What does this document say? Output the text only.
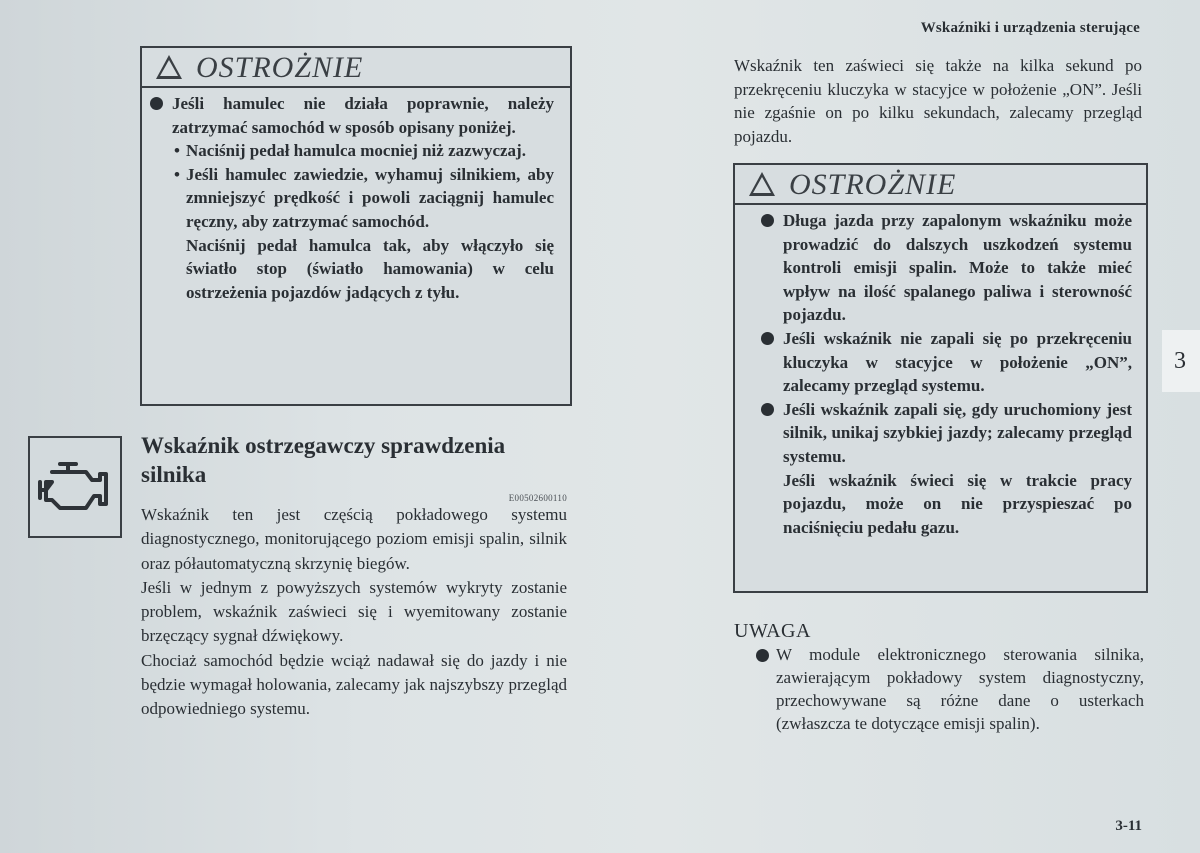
Wskaźniki i urządzenia sterujące
!OSTROŻNIE
Jeśli hamulec nie działa poprawnie, należy zatrzymać samochód w sposób opisany poniżej.
• Naciśnij pedał hamulca mocniej niż zazwyczaj.
• Jeśli hamulec zawiedzie, wyhamuj silnikiem, aby zmniejszyć prędkość i powoli zaciągnij hamulec ręczny, aby zatrzymać samochód.
Naciśnij pedał hamulca tak, aby włączyło się światło stop (światło hamowania) w celu ostrzeżenia pojazdów jadących z tyłu.
Wskaźnik ostrzegawczy sprawdzenia silnika
E00502600110
Wskaźnik ten jest częścią pokładowego systemu diagnostycznego, monitorującego poziom emisji spalin, silnik oraz półautomatyczną skrzynię biegów.
Jeśli w jednym z powyższych systemów wykryty zostanie problem, wskaźnik zaświeci się i wyemitowany zostanie brzęczący sygnał dźwiękowy.
Chociaż samochód będzie wciąż nadawał się do jazdy i nie będzie wymagał holowania, zalecamy jak najszybszy przegląd odpowiedniego systemu.
Wskaźnik ten zaświeci się także na kilka sekund po przekręceniu kluczyka w stacyjce w położenie „ON”. Jeśli nie zgaśnie on po kilku sekundach, zalecamy przegląd pojazdu.
!OSTROŻNIE
Długa jazda przy zapalonym wskaźniku może prowadzić do dalszych uszkodzeń systemu kontroli emisji spalin. Może to także mieć wpływ na ilość spalanego paliwa i sterowność pojazdu.
Jeśli wskaźnik nie zapali się po przekręceniu kluczyka w stacyjce w położenie „ON”, zalecamy przegląd systemu.
Jeśli wskaźnik zapali się, gdy uruchomiony jest silnik, unikaj szybkiej jazdy; zalecamy przegląd systemu.
Jeśli wskaźnik świeci się w trakcie pracy pojazdu, może on nie przyspieszać po naciśnięciu pedału gazu.
UWAGA
W module elektronicznego sterowania silnika, zawierającym pokładowy system diagnostyczny, przechowywane są różne dane o usterkach (zwłaszcza te dotyczące emisji spalin).
3
3-11
